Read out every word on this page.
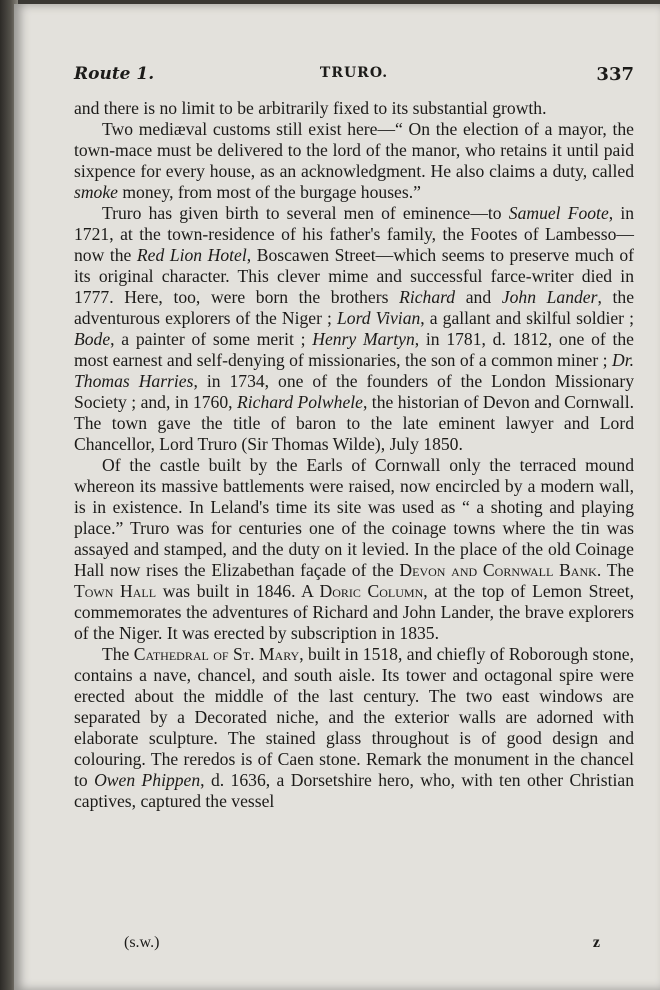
Route 1.	TRURO.	337

and there is no limit to be arbitrarily fixed to its substantial growth.

Two mediæval customs still exist here—“ On the election of a mayor, the town-mace must be delivered to the lord of the manor, who retains it until paid sixpence for every house, as an acknowledgment. He also claims a duty, called smoke money, from most of the burgage houses.”

Truro has given birth to several men of eminence—to Samuel Foote, in 1721, at the town-residence of his father's family, the Footes of Lambesso—now the Red Lion Hotel, Boscawen Street—which seems to preserve much of its original character. This clever mime and successful farce-writer died in 1777. Here, too, were born the brothers Richard and John Lander, the adventurous explorers of the Niger ; Lord Vivian, a gallant and skilful soldier ; Bode, a painter of some merit ; Henry Martyn, in 1781, d. 1812, one of the most earnest and self-denying of missionaries, the son of a common miner ; Dr. Thomas Harries, in 1734, one of the founders of the London Missionary Society ; and, in 1760, Richard Polwhele, the historian of Devon and Cornwall. The town gave the title of baron to the late eminent lawyer and Lord Chancellor, Lord Truro (Sir Thomas Wilde), July 1850.

Of the castle built by the Earls of Cornwall only the terraced mound whereon its massive battlements were raised, now encircled by a modern wall, is in existence. In Leland's time its site was used as “ a shoting and playing place.” Truro was for centuries one of the coinage towns where the tin was assayed and stamped, and the duty on it levied. In the place of the old Coinage Hall now rises the Elizabethan façade of the Devon and Cornwall Bank. The Town Hall was built in 1846. A Doric Column, at the top of Lemon Street, commemorates the adventures of Richard and John Lander, the brave explorers of the Niger. It was erected by subscription in 1835.

The Cathedral of St. Mary, built in 1518, and chiefly of Roborough stone, contains a nave, chancel, and south aisle. Its tower and octagonal spire were erected about the middle of the last century. The two east windows are separated by a Decorated niche, and the exterior walls are adorned with elaborate sculpture. The stained glass throughout is of good design and colouring. The reredos is of Caen stone. Remark the monument in the chancel to Owen Phippen, d. 1636, a Dorsetshire hero, who, with ten other Christian captives, captured the vessel

(s.w.)	z
